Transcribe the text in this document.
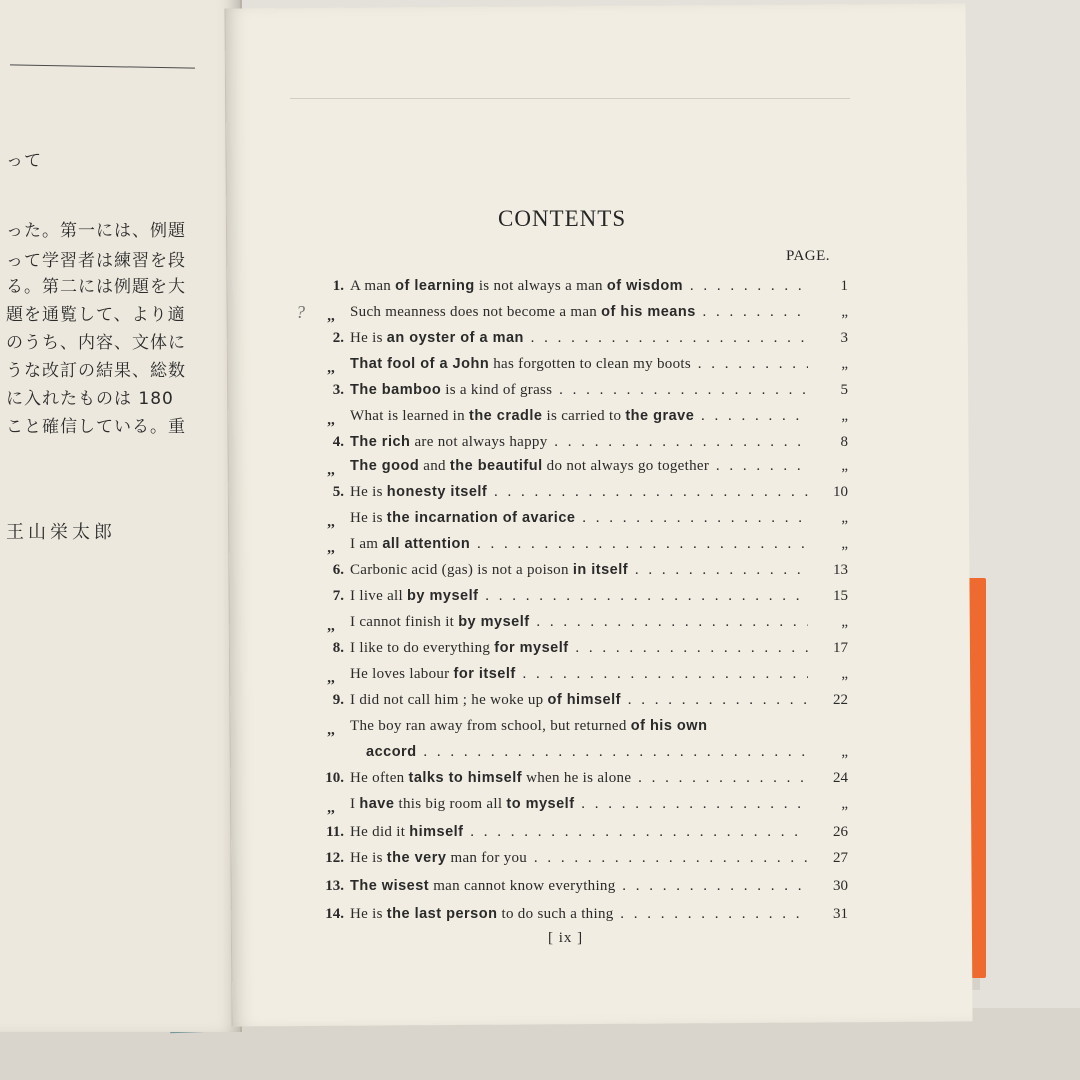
って
った。第一には、例題
って学習者は練習を段
る。第二には例題を大
題を通覧して、より適
のうち、内容、文体に
うな改訂の結果、総数
に入れたものは 180
こと確信している。重
王山栄太郎
CONTENTS
PAGE.
?
1. A man of learning is not always a man of wisdom . . .	1
,,	Such meanness does not become a man of his means . . .	„
2. He is an oyster of a man . . .	3
,,	That fool of a John has forgotten to clean my boots . . .	„
3. The bamboo is a kind of grass . . .	5
,,	What is learned in the cradle is carried to the grave . . .	„
4. The rich are not always happy . . .	8
,,	The good and the beautiful do not always go together . . .	„
5. He is honesty itself . . .	10
,,	He is the incarnation of avarice . . .	„
,,	I am all attention . . .	„
6. Carbonic acid (gas) is not a poison in itself . . .	13
7. I live all by myself . . .	15
,,	I cannot finish it by myself . . .	„
8. I like to do everything for myself . . .	17
,,	He loves labour for itself . . .	„
9. I did not call him ; he woke up of himself . . .	22
,,	The boy ran away from school, but returned of his own
accord . . .	„
10. He often talks to himself when he is alone . . .	24
,,	I have this big room all to myself . . .	„
11. He did it himself . . .	26
12. He is the very man for you . . .	27
13. The wisest man cannot know everything . . .	30
14. He is the last person to do such a thing . . .	31
[ ix ]
